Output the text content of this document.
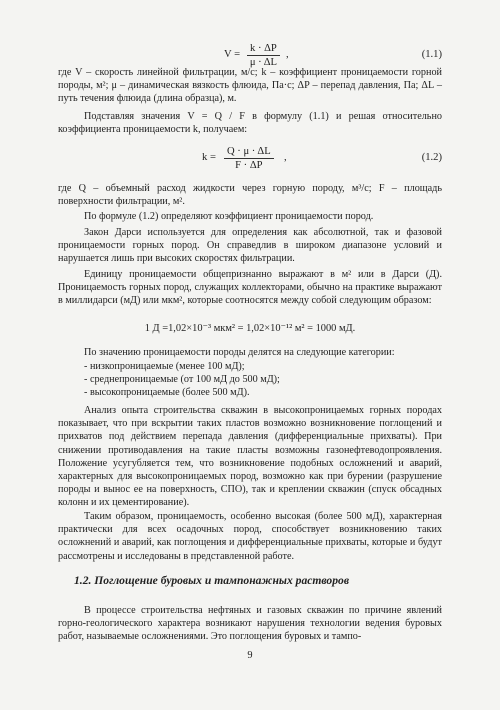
$V = \frac{k \cdot \Delta P}{\mu \cdot \Delta L}$ ,	(1.1)

где V – скорость линейной фильтрации, м/с; k – коэффициент проницаемости горной породы, м²; μ – динамическая вязкость флюида, Па·с; ΔP – перепад давления, Па; ΔL – путь течения флюида (длина образца), м.

Подставляя значения V = Q / F в формулу (1.1) и решая относительно коэффициента проницаемости k, получаем:

$k = \frac{Q \cdot \mu \cdot \Delta L}{F \cdot \Delta P}$ ,	(1.2)

где Q – объемный расход жидкости через горную породу, м³/с; F – площадь поверхности фильтрации, м².

По формуле (1.2) определяют коэффициент проницаемости пород.

Закон Дарси используется для определения как абсолютной, так и фазовой проницаемости горных пород. Он справедлив в широком диапазоне условий и нарушается лишь при высоких скоростях фильтрации.

Единицу проницаемости общепризнанно выражают в м² или в Дарси (Д). Проницаемость горных пород, служащих коллекторами, обычно на практике выражают в миллидарси (мД) или мкм², которые соотносятся между собой следующим образом:

1 Д =1,02×10⁻³ мкм² = 1,02×10⁻¹² м² = 1000 мД.

По значению проницаемости породы делятся на следующие категории:

- низкопроницаемые (менее 100 мД);
- среднепроницаемые (от 100 мД до 500 мД);
- высокопроницаемые (более 500 мД).

Анализ опыта строительства скважин в высокопроницаемых горных породах показывает, что при вскрытии таких пластов возможно возникновение поглощений и прихватов под действием перепада давления (дифференциальные прихваты). При снижении противодавления на такие пласты возможны газонефтеводопроявления. Положение усугубляется тем, что возникновение подобных осложнений и аварий, характерных для высокопроницаемых пород, возможно как при бурении (разрушение породы и вынос ее на поверхность, СПО), так и креплении скважин (спуск обсадных колонн и их цементирование).

Таким образом, проницаемость, особенно высокая (более 500 мД), характерная практически для всех осадочных пород, способствует возникновению таких осложнений и аварий, как поглощения и дифференциальные прихваты, которые и будут рассмотрены и исследованы в представленной работе.

1.2. Поглощение буровых и тампонажных растворов

В процессе строительства нефтяных и газовых скважин по причине явлений горно-геологического характера возникают нарушения технологии ведения буровых работ, называемые осложнениями. Это поглощения буровых и тампо-

9
